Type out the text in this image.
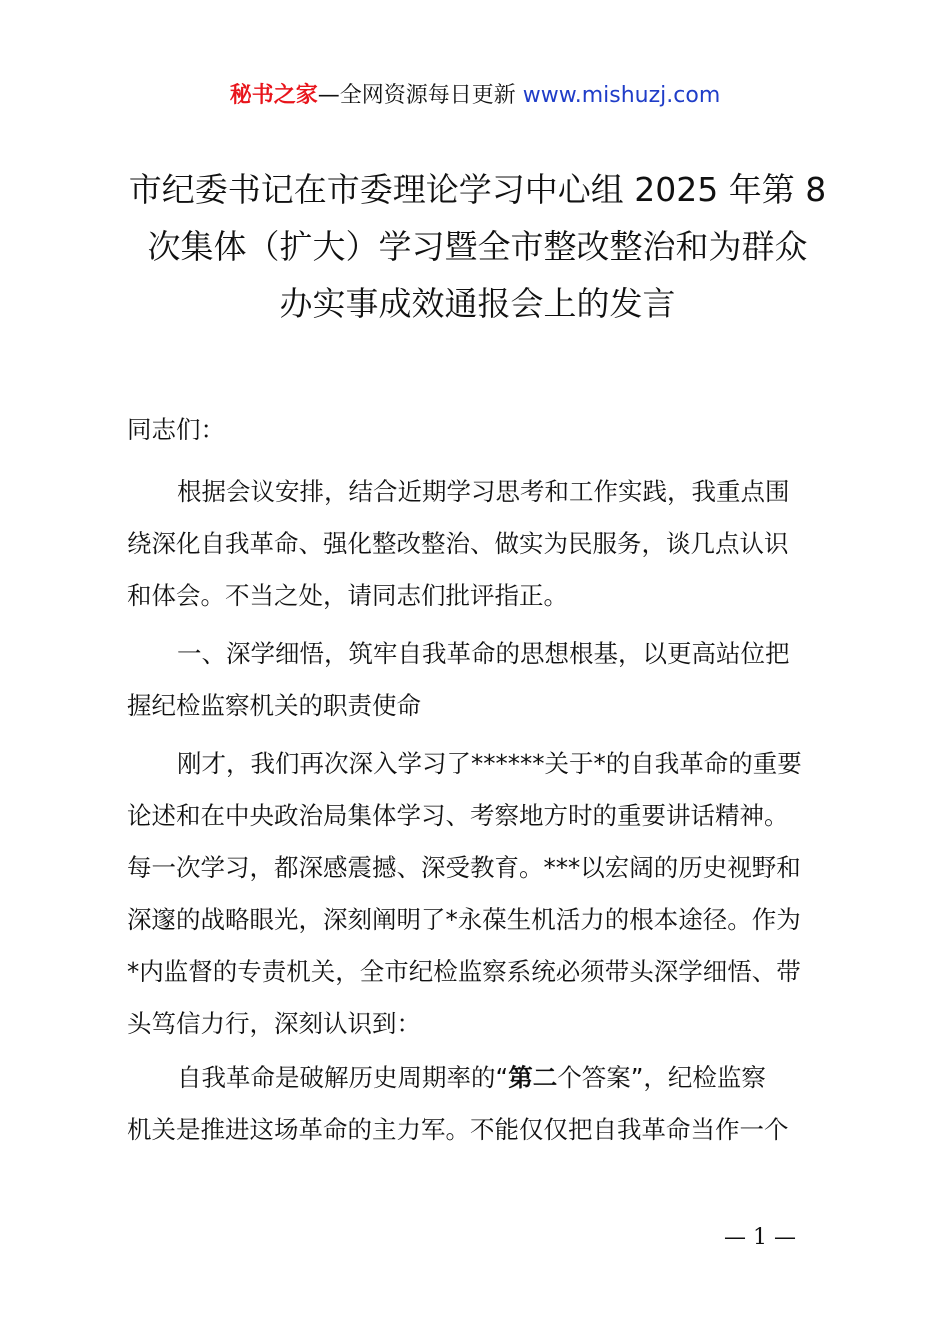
秘书之家—全网资源每日更新 www.mishuzj.com
市纪委书记在市委理论学习中心组 2025 年第 8
次集体（扩大）学习暨全市整改整治和为群众
办实事成效通报会上的发言

同志们：

根据会议安排，结合近期学习思考和工作实践，我重点围
绕深化自我革命、强化整改整治、做实为民服务，谈几点认识
和体会。不当之处，请同志们批评指正。

一、深学细悟，筑牢自我革命的思想根基，以更高站位把
握纪检监察机关的职责使命

刚才，我们再次深入学习了******关于*的自我革命的重要
论述和在中央政治局集体学习、考察地方时的重要讲话精神。
每一次学习，都深感震撼、深受教育。***以宏阔的历史视野和
深邃的战略眼光，深刻阐明了*永葆生机活力的根本途径。作为
*内监督的专责机关，全市纪检监察系统必须带头深学细悟、带
头笃信力行，深刻认识到：

自我革命是破解历史周期率的“第二个答案”，纪检监察
机关是推进这场革命的主力军。不能仅仅把自我革命当作一个

— 1 —
